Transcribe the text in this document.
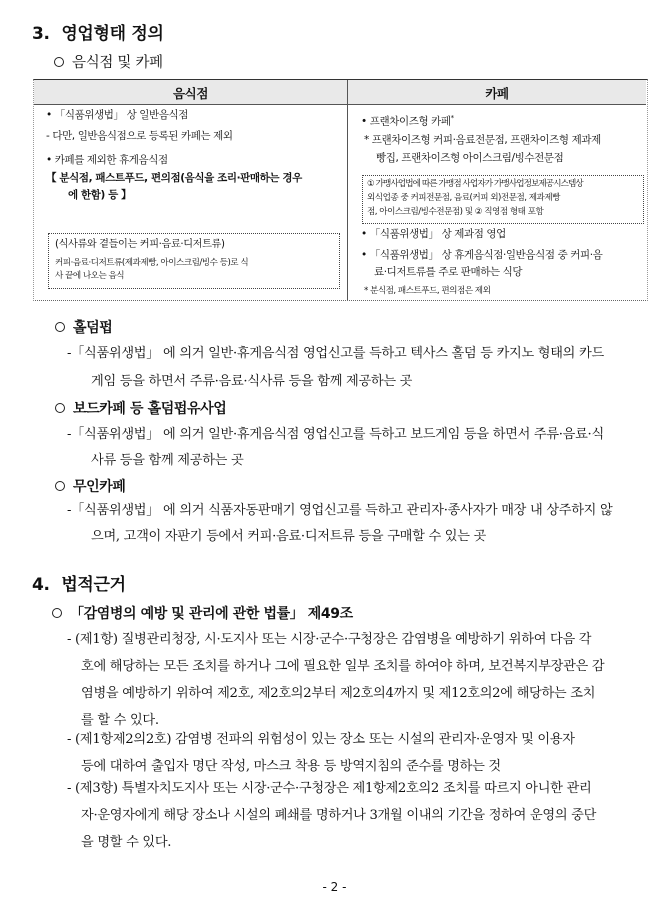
3. 영업형태 정의
음식점 및 카페
음식점	카페
• 「식품위생법」 상 일반음식점
- 다만, 일반음식점으로 등록된 카페는 제외
• 카페를 제외한 휴게음식점
【 분식점, 패스트푸드, 편의점(음식을 조리·판매하는 경우
에 한함) 등 】
(식사류와 곁들이는 커피·음료·디저트류)
커피·음료·디저트류(제과제빵, 아이스크림/빙수 등)로 식
사 끝에 나오는 음식
• 프랜차이즈형 카페*
* 프랜차이즈형 커피·음료전문점, 프랜차이즈형 제과제
빵집, 프랜차이즈형 아이스크림/빙수전문점
① 가맹사업법에 따른 가맹점 사업자가 가맹사업정보제공시스템상
외식업종 중 커피전문점, 음료(커피 외)전문점, 제과제빵
점, 아이스크림/빙수전문점) 및 ② 직영점 형태 포함
• 「식품위생법」 상 제과점 영업
• 「식품위생법」 상 휴게음식점·일반음식점 중 커피·음
료·디저트류를 주로 판매하는 식당
* 분식점, 패스트푸드, 편의점은 제외
홀덤펍
-「식품위생법」 에 의거 일반·휴게음식점 영업신고를 득하고 텍사스 홀덤 등 카지노 형태의 카드
게임 등을 하면서 주류·음료·식사류 등을 함께 제공하는 곳
보드카페 등 홀덤펍유사업
-「식품위생법」 에 의거 일반·휴게음식점 영업신고를 득하고 보드게임 등을 하면서 주류·음료·식
사류 등을 함께 제공하는 곳
무인카페
-「식품위생법」 에 의거 식품자동판매기 영업신고를 득하고 관리자·종사자가 매장 내 상주하지 않
으며, 고객이 자판기 등에서 커피·음료·디저트류 등을 구매할 수 있는 곳
4. 법적근거
「감염병의 예방 및 관리에 관한 법률」 제49조
- (제1항) 질병관리청장, 시·도지사 또는 시장·군수·구청장은 감염병을 예방하기 위하여 다음 각
호에 해당하는 모든 조치를 하거나 그에 필요한 일부 조치를 하여야 하며, 보건복지부장관은 감
염병을 예방하기 위하여 제2호, 제2호의2부터 제2호의4까지 및 제12호의2에 해당하는 조치
를 할 수 있다.
- (제1항제2의2호) 감염병 전파의 위험성이 있는 장소 또는 시설의 관리자·운영자 및 이용자
등에 대하여 출입자 명단 작성, 마스크 착용 등 방역지침의 준수를 명하는 것
- (제3항) 특별자치도지사 또는 시장·군수·구청장은 제1항제2호의2 조치를 따르지 아니한 관리
자·운영자에게 해당 장소나 시설의 폐쇄를 명하거나 3개월 이내의 기간을 정하여 운영의 중단
을 명할 수 있다.
- 2 -
